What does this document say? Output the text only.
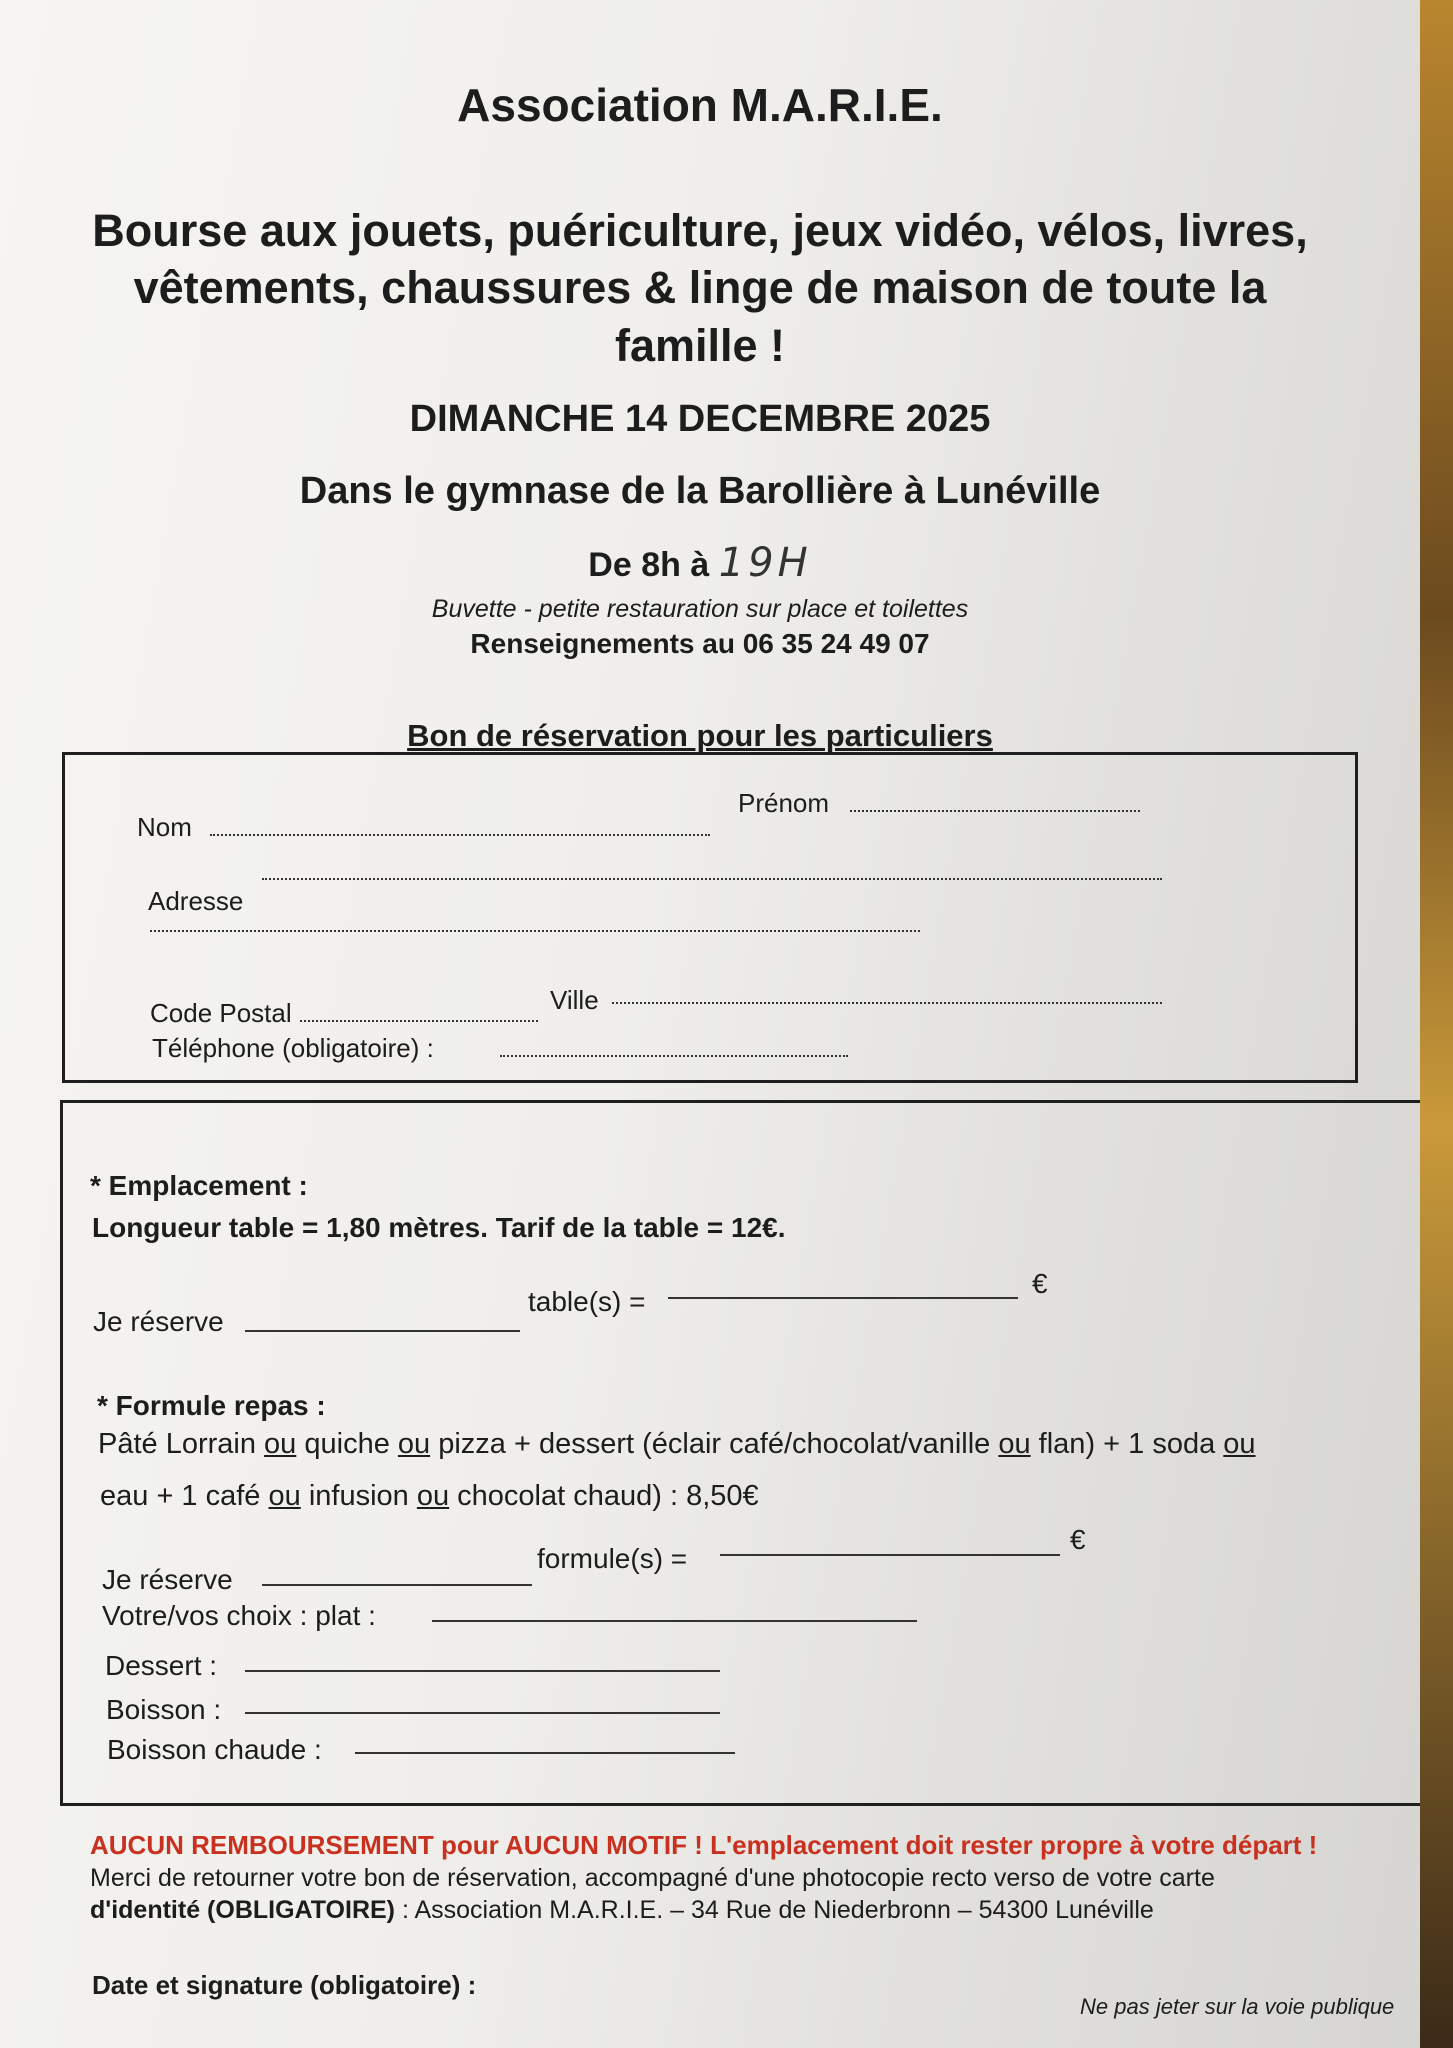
Association M.A.R.I.E.
Bourse aux jouets, puériculture, jeux vidéo, vélos, livres,
vêtements, chaussures & linge de maison de toute la
famille !
DIMANCHE 14 DECEMBRE 2025
Dans le gymnase de la Barollière à Lunéville
De 8h à 19H
Buvette - petite restauration sur place et toilettes
Renseignements au 06 35 24 49 07
Bon de réservation pour les particuliers
Nom
Prénom
Adresse
Code Postal	Ville
Téléphone (obligatoire) :
* Emplacement :
Longueur table = 1,80 mètres. Tarif de la table = 12€.
Je réserve
table(s) =
€
* Formule repas :
Pâté Lorrain ou quiche ou pizza + dessert (éclair café/chocolat/vanille ou flan) + 1 soda ou
eau + 1 café ou infusion ou chocolat chaud) : 8,50€
Je réserve
formule(s) =
€
Votre/vos choix : plat :
Dessert :
Boisson :
Boisson chaude :
AUCUN REMBOURSEMENT pour AUCUN MOTIF ! L'emplacement doit rester propre à votre départ !
Merci de retourner votre bon de réservation, accompagné d'une photocopie recto verso de votre carte
d'identité (OBLIGATOIRE) : Association M.A.R.I.E. – 34 Rue de Niederbronn – 54300 Lunéville
Date et signature (obligatoire) :
Ne pas jeter sur la voie publique
